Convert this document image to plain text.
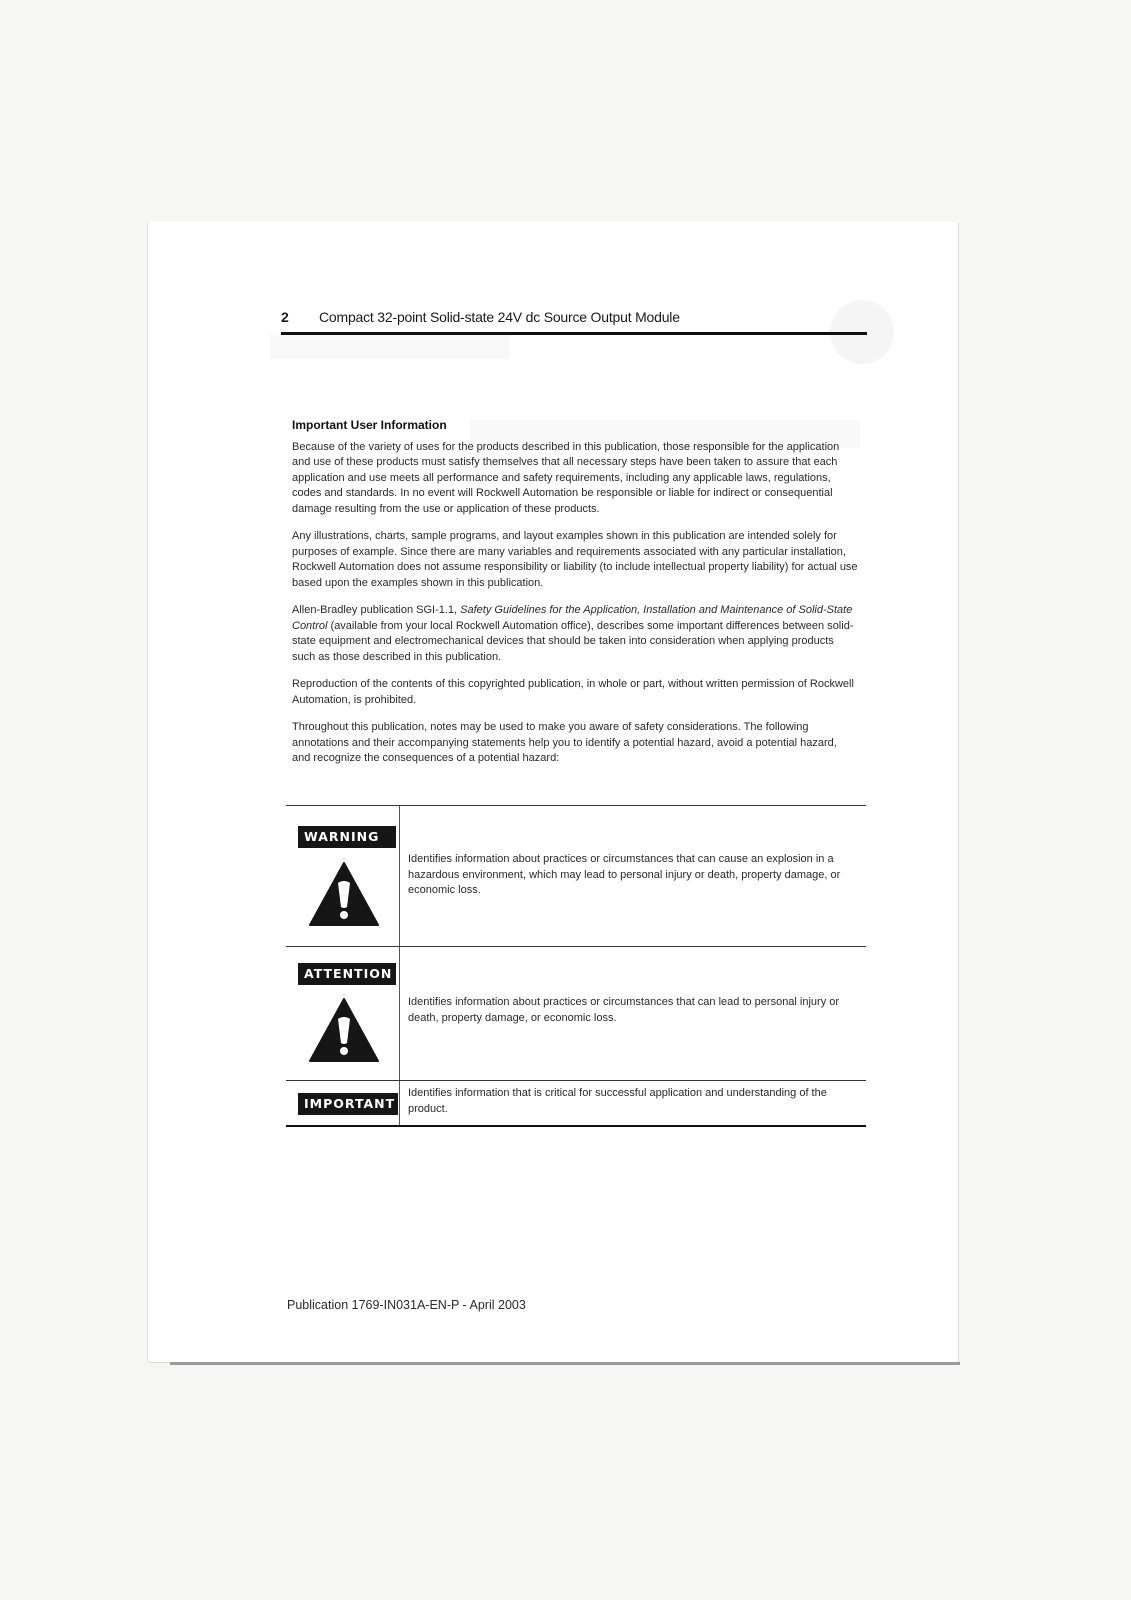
2 Compact 32-point Solid-state 24V dc Source Output Module
Important User Information

Because of the variety of uses for the products described in this publication, those responsible for the application and use of these products must satisfy themselves that all necessary steps have been taken to assure that each application and use meets all performance and safety requirements, including any applicable laws, regulations, codes and standards. In no event will Rockwell Automation be responsible or liable for indirect or consequential damage resulting from the use or application of these products.

Any illustrations, charts, sample programs, and layout examples shown in this publication are intended solely for purposes of example. Since there are many variables and requirements associated with any particular installation, Rockwell Automation does not assume responsibility or liability (to include intellectual property liability) for actual use based upon the examples shown in this publication.

Allen-Bradley publication SGI-1.1, Safety Guidelines for the Application, Installation and Maintenance of Solid-State Control (available from your local Rockwell Automation office), describes some important differences between solid-state equipment and electromechanical devices that should be taken into consideration when applying products such as those described in this publication.

Reproduction of the contents of this copyrighted publication, in whole or part, without written permission of Rockwell Automation, is prohibited.

Throughout this publication, notes may be used to make you aware of safety considerations. The following annotations and their accompanying statements help you to identify a potential hazard, avoid a potential hazard, and recognize the consequences of a potential hazard:

WARNING
Identifies information about practices or circumstances that can cause an explosion in a hazardous environment, which may lead to personal injury or death, property damage, or economic loss.
ATTENTION
Identifies information about practices or circumstances that can lead to personal injury or death, property damage, or economic loss.
IMPORTANT
Identifies information that is critical for successful application and understanding of the product.
Publication 1769-IN031A-EN-P - April 2003
